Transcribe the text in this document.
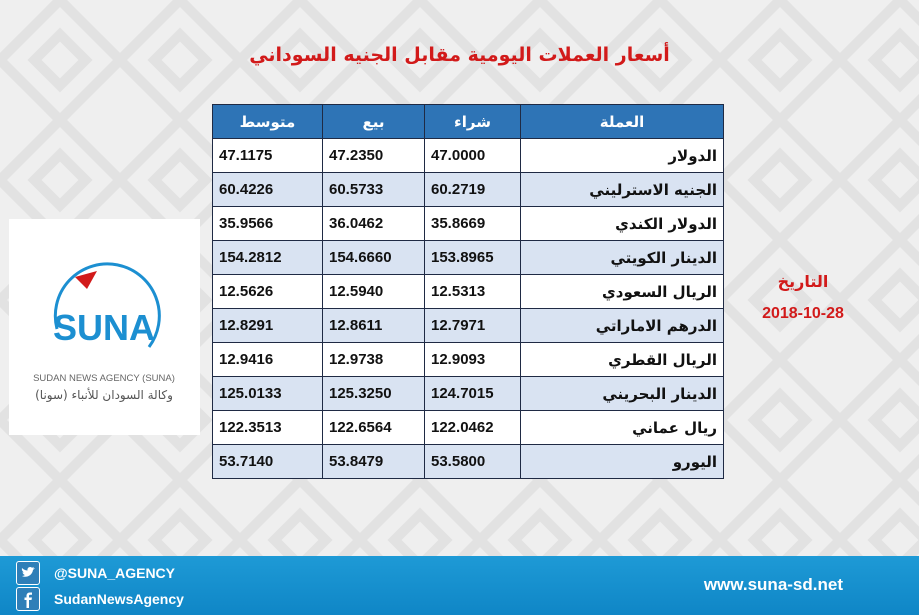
أسعار العملات اليومية مقابل الجنيه السوداني
متوسط	بيع	شراء	العملة
47.1175	47.2350	47.0000	الدولار
60.4226	60.5733	60.2719	الجنيه الاسترليني
35.9566	36.0462	35.8669	الدولار الكندي
154.2812	154.6660	153.8965	الدينار الكويتي
12.5626	12.5940	12.5313	الريال السعودي
12.8291	12.8611	12.7971	الدرهم الاماراتي
12.9416	12.9738	12.9093	الريال القطري
125.0133	125.3250	124.7015	الدينار البحريني
122.3513	122.6564	122.0462	ريال عماني
53.7140	53.8479	53.5800	اليورو
SUNA
SUDAN NEWS AGENCY (SUNA)
وكالة السودان للأنباء (سونا)
التاريخ
2018-10-28
@SUNA_AGENCY
SudanNewsAgency
www.suna-sd.net
